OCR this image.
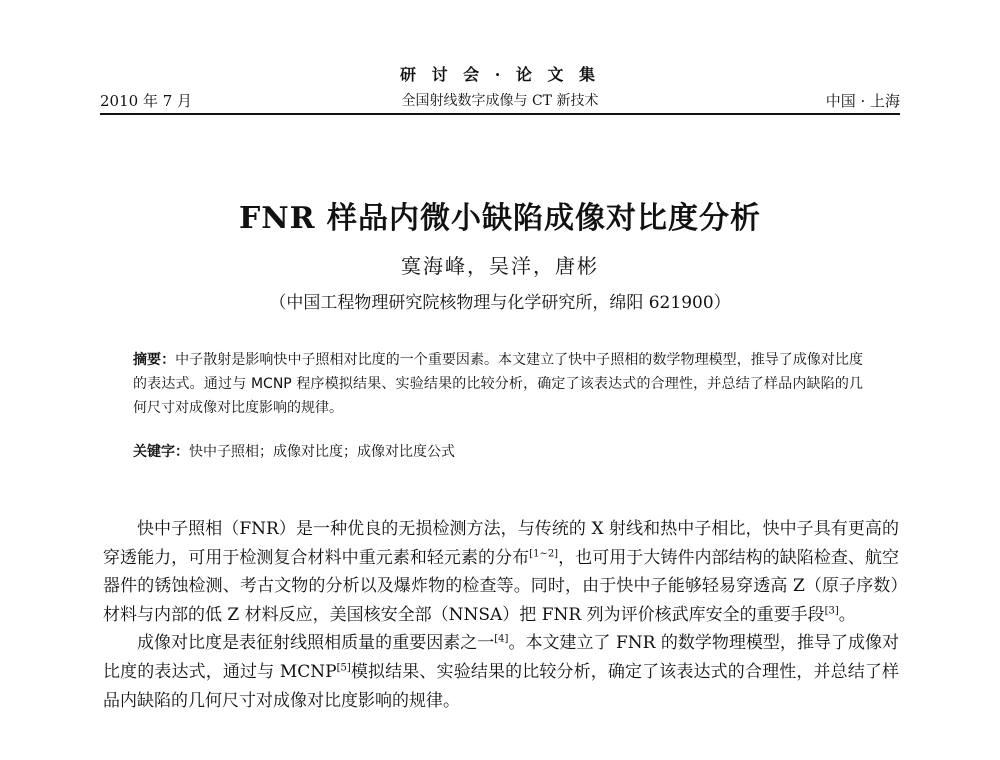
2010 年 7 月
研 讨 会 · 论 文 集
全国射线数字成像与 CT 新技术	中国 · 上海
FNR 样品内微小缺陷成像对比度分析
寞海峰，吴洋，唐彬
（中国工程物理研究院核物理与化学研究所，绵阳 621900）
摘要：中子散射是影响快中子照相对比度的一个重要因素。本文建立了快中子照相的数学物理模型，推导了成像对比度的表达式。通过与 MCNP 程序模拟结果、实验结果的比较分析，确定了该表达式的合理性，并总结了样品内缺陷的几何尺寸对成像对比度影响的规律。
关键字：快中子照相；成像对比度；成像对比度公式

快中子照相（FNR）是一种优良的无损检测方法，与传统的 X 射线和热中子相比，快中子具有更高的穿透能力，可用于检测复合材料中重元素和轻元素的分布[1~2]，也可用于大铸件内部结构的缺陷检查、航空器件的锈蚀检测、考古文物的分析以及爆炸物的检查等。同时，由于快中子能够轻易穿透高 Z（原子序数）材料与内部的低 Z 材料反应，美国核安全部（NNSA）把 FNR 列为评价核武库安全的重要手段[3]。

成像对比度是表征射线照相质量的重要因素之一[4]。本文建立了 FNR 的数学物理模型，推导了成像对比度的表达式，通过与 MCNP[5]模拟结果、实验结果的比较分析，确定了该表达式的合理性，并总结了样品内缺陷的几何尺寸对成像对比度影响的规律。
